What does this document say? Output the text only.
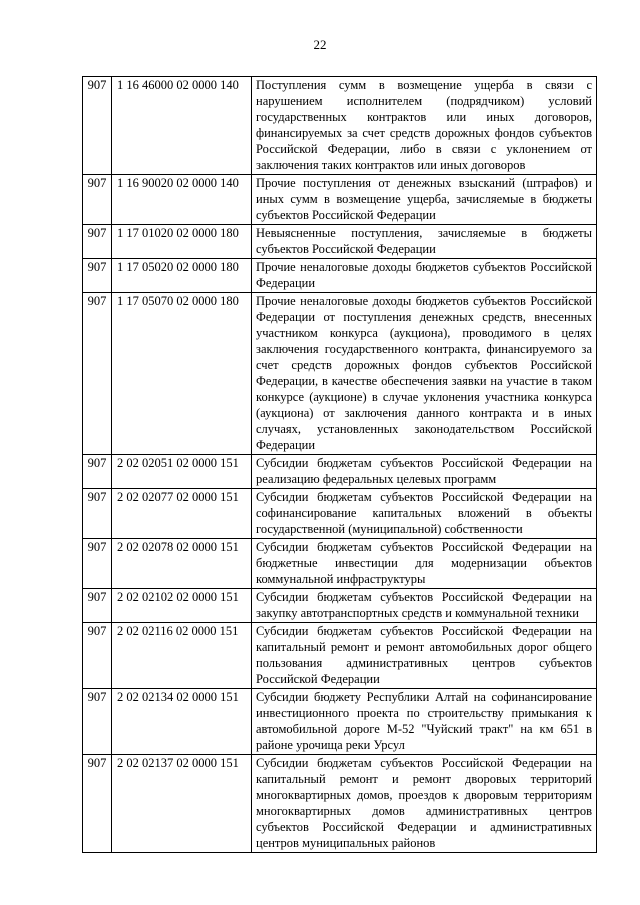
22
907	1 16 46000 02 0000 140	Поступления сумм в возмещение ущерба в связи с нарушением исполнителем (подрядчиком) условий государственных контрактов или иных договоров, финансируемых за счет средств дорожных фондов субъектов Российской Федерации, либо в связи с уклонением от заключения таких контрактов или иных договоров
907	1 16 90020 02 0000 140	Прочие поступления от денежных взысканий (штрафов) и иных сумм в возмещение ущерба, зачисляемые в бюджеты субъектов Российской Федерации
907	1 17 01020 02 0000 180	Невыясненные поступления, зачисляемые в бюджеты субъектов Российской Федерации
907	1 17 05020 02 0000 180	Прочие неналоговые доходы бюджетов субъектов Российской Федерации
907	1 17 05070 02 0000 180	Прочие неналоговые доходы бюджетов субъектов Российской Федерации от поступления денежных средств, внесенных участником конкурса (аукциона), проводимого в целях заключения государственного контракта, финансируемого за счет средств дорожных фондов субъектов Российской Федерации, в качестве обеспечения заявки на участие в таком конкурсе (аукционе) в случае уклонения участника конкурса (аукциона) от заключения данного контракта и в иных случаях, установленных законодательством Российской Федерации
907	2 02 02051 02 0000 151	Субсидии бюджетам субъектов Российской Федерации на реализацию федеральных целевых программ
907	2 02 02077 02 0000 151	Субсидии бюджетам субъектов Российской Федерации на софинансирование капитальных вложений в объекты государственной (муниципальной) собственности
907	2 02 02078 02 0000 151	Субсидии бюджетам субъектов Российской Федерации на бюджетные инвестиции для модернизации объектов коммунальной инфраструктуры
907	2 02 02102 02 0000 151	Субсидии бюджетам субъектов Российской Федерации на закупку автотранспортных средств и коммунальной техники
907	2 02 02116 02 0000 151	Субсидии бюджетам субъектов Российской Федерации на капитальный ремонт и ремонт автомобильных дорог общего пользования административных центров субъектов Российской Федерации
907	2 02 02134 02 0000 151	Субсидии бюджету Республики Алтай на софинансирование инвестиционного проекта по строительству примыкания к автомобильной дороге М-52 "Чуйский тракт" на км 651 в районе урочища реки Урсул
907	2 02 02137 02 0000 151	Субсидии бюджетам субъектов Российской Федерации на капитальный ремонт и ремонт дворовых территорий многоквартирных домов, проездов к дворовым территориям многоквартирных домов административных центров субъектов Российской Федерации и административных центров муниципальных районов
